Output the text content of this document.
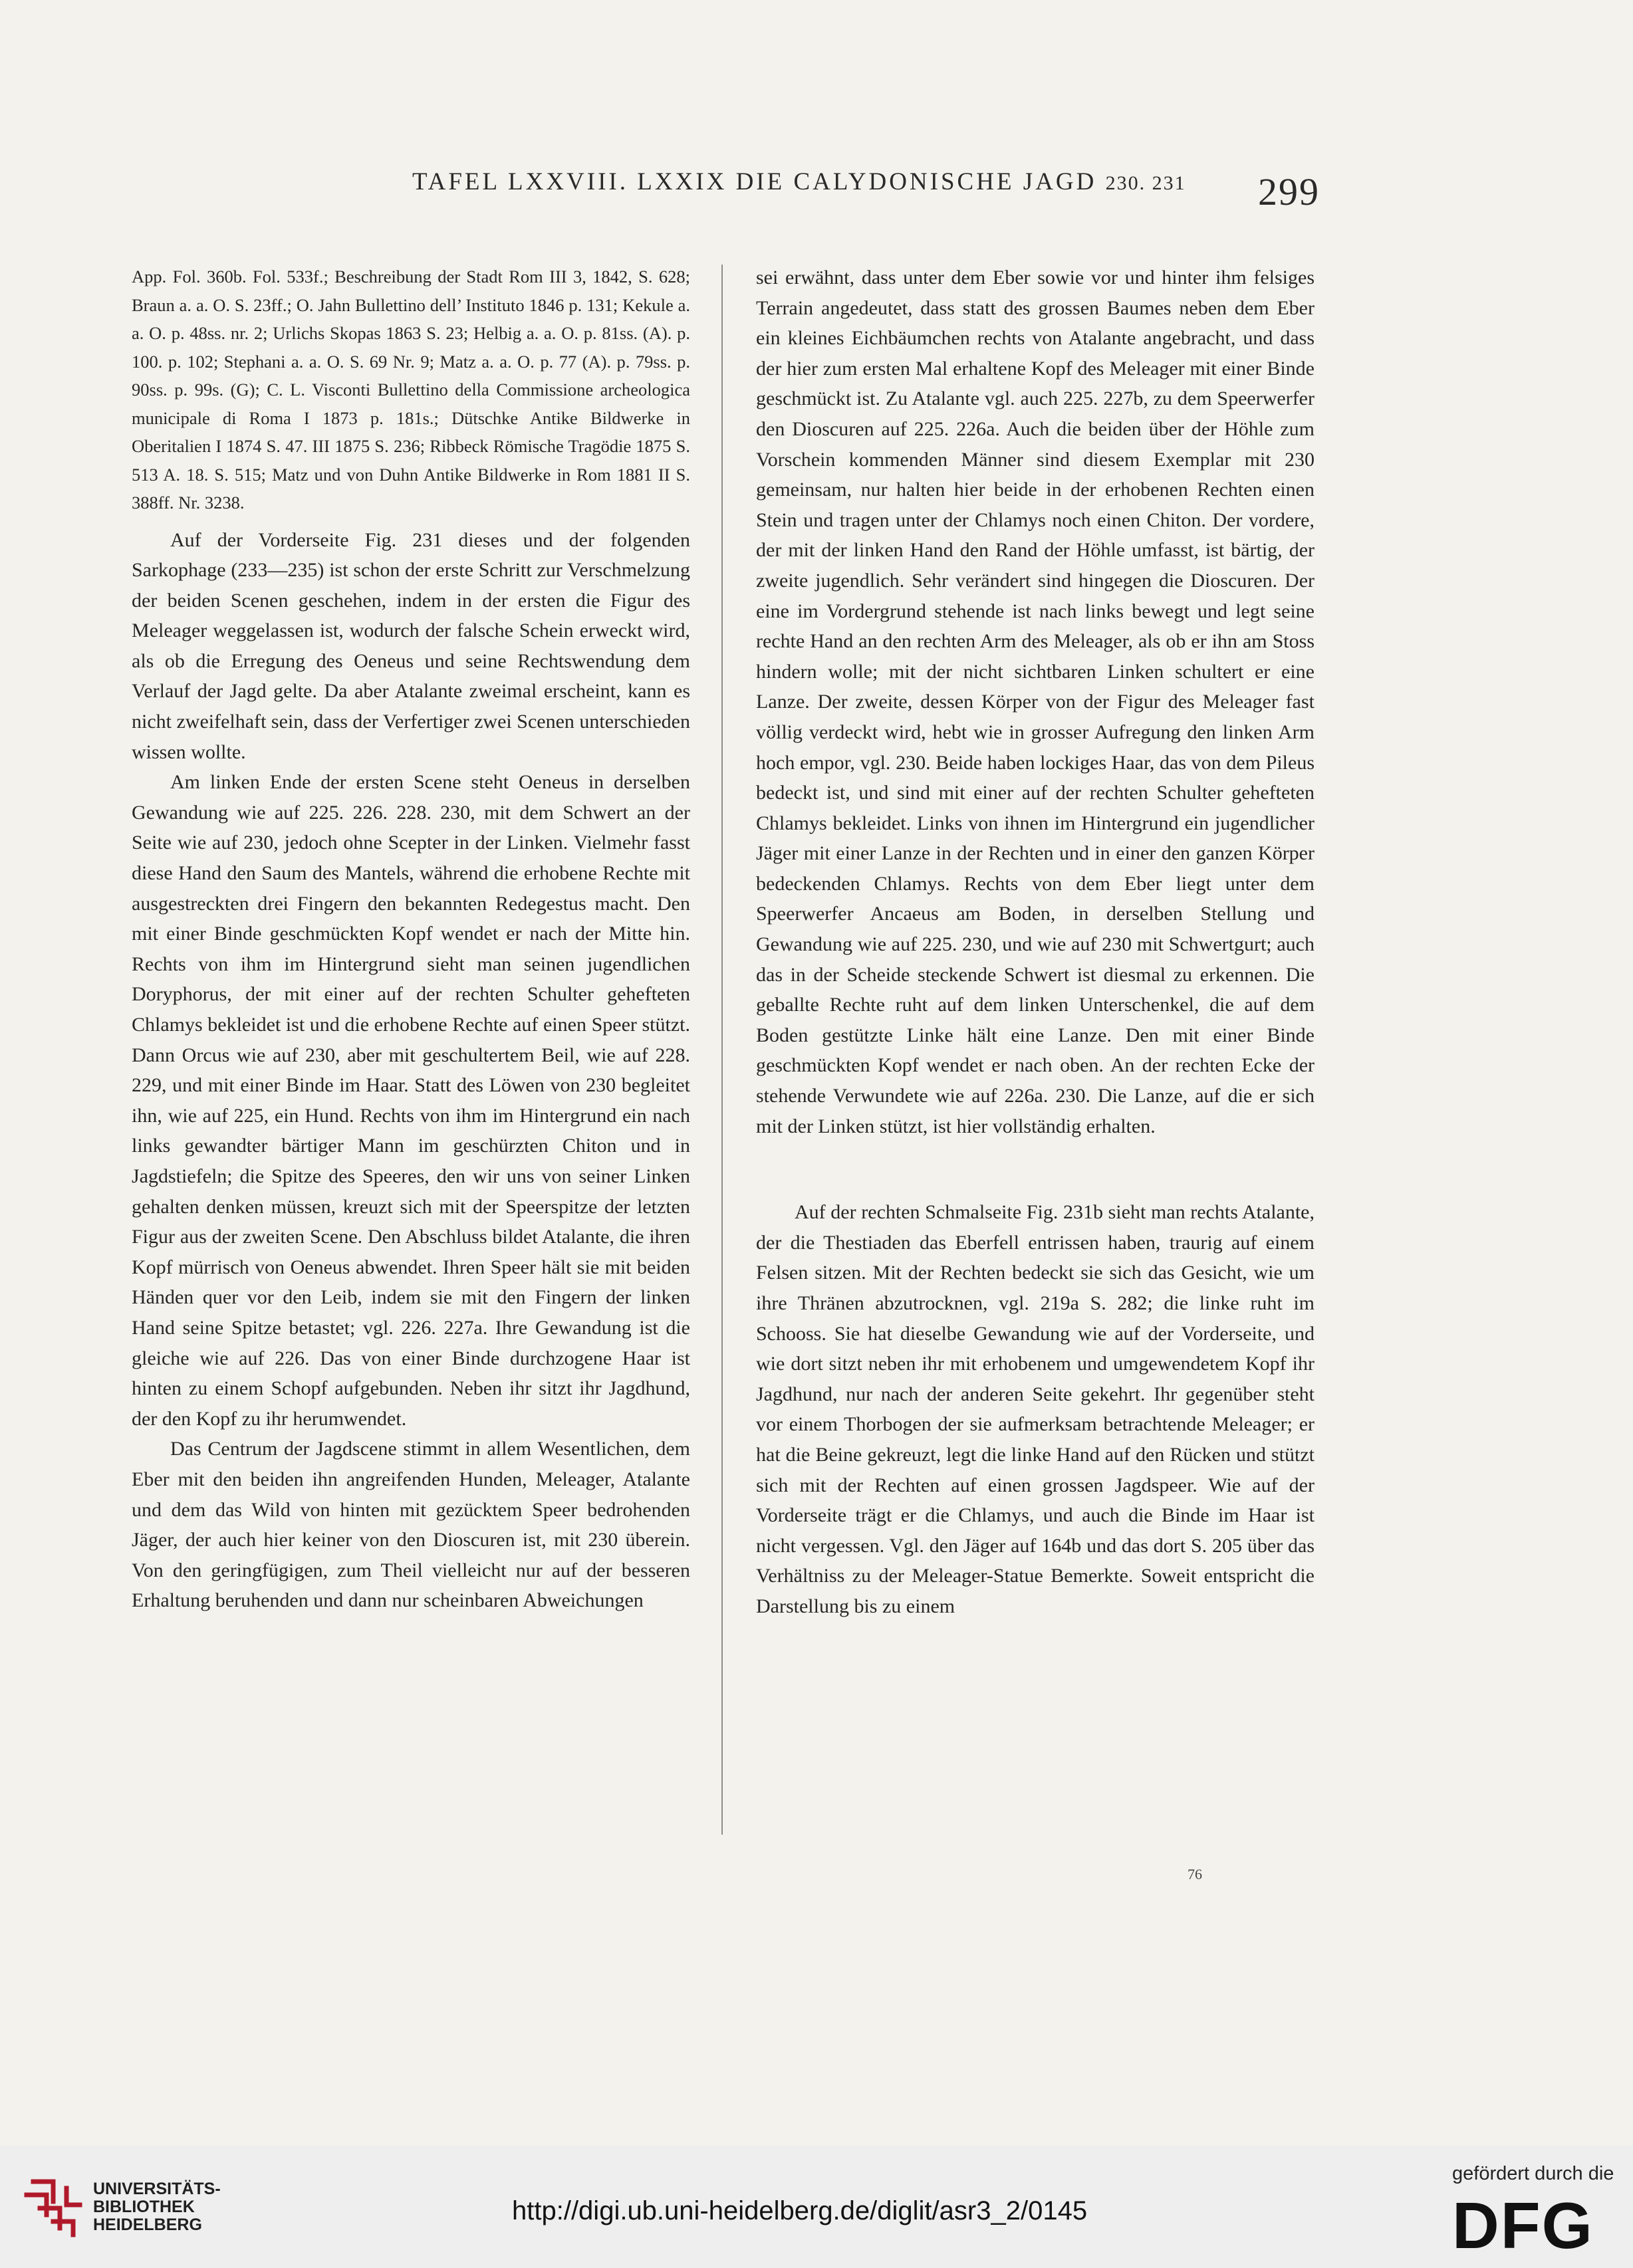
TAFEL LXXVIII. LXXIX DIE CALYDONISCHE JAGD 230. 231 299

App. Fol. 360b. Fol. 533f.; Beschreibung der Stadt Rom III 3, 1842, S. 628; Braun a. a. O. S. 23ff.; O. Jahn Bullettino dell’ Instituto 1846 p. 131; Kekule a. a. O. p. 48ss. nr. 2; Urlichs Skopas 1863 S. 23; Helbig a. a. O. p. 81ss. (A). p. 100. p. 102; Stephani a. a. O. S. 69 Nr. 9; Matz a. a. O. p. 77 (A). p. 79ss. p. 90ss. p. 99s. (G); C. L. Visconti Bullettino della Commissione archeologica municipale di Roma I 1873 p. 181s.; Dütschke Antike Bildwerke in Oberitalien I 1874 S. 47. III 1875 S. 236; Ribbeck Römische Tragödie 1875 S. 513 A. 18. S. 515; Matz und von Duhn Antike Bildwerke in Rom 1881 II S. 388ff. Nr. 3238.

Auf der Vorderseite Fig. 231 dieses und der folgenden Sarkophage (233—235) ist schon der erste Schritt zur Verschmelzung der beiden Scenen geschehen, indem in der ersten die Figur des Meleager weggelassen ist, wodurch der falsche Schein erweckt wird, als ob die Erregung des Oeneus und seine Rechtswendung dem Verlauf der Jagd gelte. Da aber Atalante zweimal erscheint, kann es nicht zweifelhaft sein, dass der Verfertiger zwei Scenen unterschieden wissen wollte.

Am linken Ende der ersten Scene steht Oeneus in derselben Gewandung wie auf 225. 226. 228. 230, mit dem Schwert an der Seite wie auf 230, jedoch ohne Scepter in der Linken. Vielmehr fasst diese Hand den Saum des Mantels, während die erhobene Rechte mit ausgestreckten drei Fingern den bekannten Redegestus macht. Den mit einer Binde geschmückten Kopf wendet er nach der Mitte hin. Rechts von ihm im Hintergrund sieht man seinen jugendlichen Doryphorus, der mit einer auf der rechten Schulter gehefteten Chlamys bekleidet ist und die erhobene Rechte auf einen Speer stützt. Dann Orcus wie auf 230, aber mit geschultertem Beil, wie auf 228. 229, und mit einer Binde im Haar. Statt des Löwen von 230 begleitet ihn, wie auf 225, ein Hund. Rechts von ihm im Hintergrund ein nach links gewandter bärtiger Mann im geschürzten Chiton und in Jagdstiefeln; die Spitze des Speeres, den wir uns von seiner Linken gehalten denken müssen, kreuzt sich mit der Speerspitze der letzten Figur aus der zweiten Scene. Den Abschluss bildet Atalante, die ihren Kopf mürrisch von Oeneus abwendet. Ihren Speer hält sie mit beiden Händen quer vor den Leib, indem sie mit den Fingern der linken Hand seine Spitze betastet; vgl. 226. 227a. Ihre Gewandung ist die gleiche wie auf 226. Das von einer Binde durchzogene Haar ist hinten zu einem Schopf aufgebunden. Neben ihr sitzt ihr Jagdhund, der den Kopf zu ihr herumwendet.

Das Centrum der Jagdscene stimmt in allem Wesentlichen, dem Eber mit den beiden ihn angreifenden Hunden, Meleager, Atalante und dem das Wild von hinten mit gezücktem Speer bedrohenden Jäger, der auch hier keiner von den Dioscuren ist, mit 230 überein. Von den geringfügigen, zum Theil vielleicht nur auf der besseren Erhaltung beruhenden und dann nur scheinbaren Abweichungen

sei erwähnt, dass unter dem Eber sowie vor und hinter ihm felsiges Terrain angedeutet, dass statt des grossen Baumes neben dem Eber ein kleines Eichbäumchen rechts von Atalante angebracht, und dass der hier zum ersten Mal erhaltene Kopf des Meleager mit einer Binde geschmückt ist. Zu Atalante vgl. auch 225. 227b, zu dem Speerwerfer den Dioscuren auf 225. 226a. Auch die beiden über der Höhle zum Vorschein kommenden Männer sind diesem Exemplar mit 230 gemeinsam, nur halten hier beide in der erhobenen Rechten einen Stein und tragen unter der Chlamys noch einen Chiton. Der vordere, der mit der linken Hand den Rand der Höhle umfasst, ist bärtig, der zweite jugendlich. Sehr verändert sind hingegen die Dioscuren. Der eine im Vordergrund stehende ist nach links bewegt und legt seine rechte Hand an den rechten Arm des Meleager, als ob er ihn am Stoss hindern wolle; mit der nicht sichtbaren Linken schultert er eine Lanze. Der zweite, dessen Körper von der Figur des Meleager fast völlig verdeckt wird, hebt wie in grosser Aufregung den linken Arm hoch empor, vgl. 230. Beide haben lockiges Haar, das von dem Pileus bedeckt ist, und sind mit einer auf der rechten Schulter gehefteten Chlamys bekleidet. Links von ihnen im Hintergrund ein jugendlicher Jäger mit einer Lanze in der Rechten und in einer den ganzen Körper bedeckenden Chlamys. Rechts von dem Eber liegt unter dem Speerwerfer Ancaeus am Boden, in derselben Stellung und Gewandung wie auf 225. 230, und wie auf 230 mit Schwertgurt; auch das in der Scheide steckende Schwert ist diesmal zu erkennen. Die geballte Rechte ruht auf dem linken Unterschenkel, die auf dem Boden gestützte Linke hält eine Lanze. Den mit einer Binde geschmückten Kopf wendet er nach oben. An der rechten Ecke der stehende Verwundete wie auf 226a. 230. Die Lanze, auf die er sich mit der Linken stützt, ist hier vollständig erhalten.

Auf der rechten Schmalseite Fig. 231b sieht man rechts Atalante, der die Thestiaden das Eberfell entrissen haben, traurig auf einem Felsen sitzen. Mit der Rechten bedeckt sie sich das Gesicht, wie um ihre Thränen abzutrocknen, vgl. 219a S. 282; die linke ruht im Schooss. Sie hat dieselbe Gewandung wie auf der Vorderseite, und wie dort sitzt neben ihr mit erhobenem und umgewendetem Kopf ihr Jagdhund, nur nach der anderen Seite gekehrt. Ihr gegenüber steht vor einem Thorbogen der sie aufmerksam betrachtende Meleager; er hat die Beine gekreuzt, legt die linke Hand auf den Rücken und stützt sich mit der Rechten auf einen grossen Jagdspeer. Wie auf der Vorderseite trägt er die Chlamys, und auch die Binde im Haar ist nicht vergessen. Vgl. den Jäger auf 164b und das dort S. 205 über das Verhältniss zu der Meleager-Statue Bemerkte. Soweit entspricht die Darstellung bis zu einem

76
UNIVERSITÄTS-
BIBLIOTHEK
HEIDELBERG	http://digi.ub.uni-heidelberg.de/diglit/asr3_2/0145
gefördert durch die
DFG
